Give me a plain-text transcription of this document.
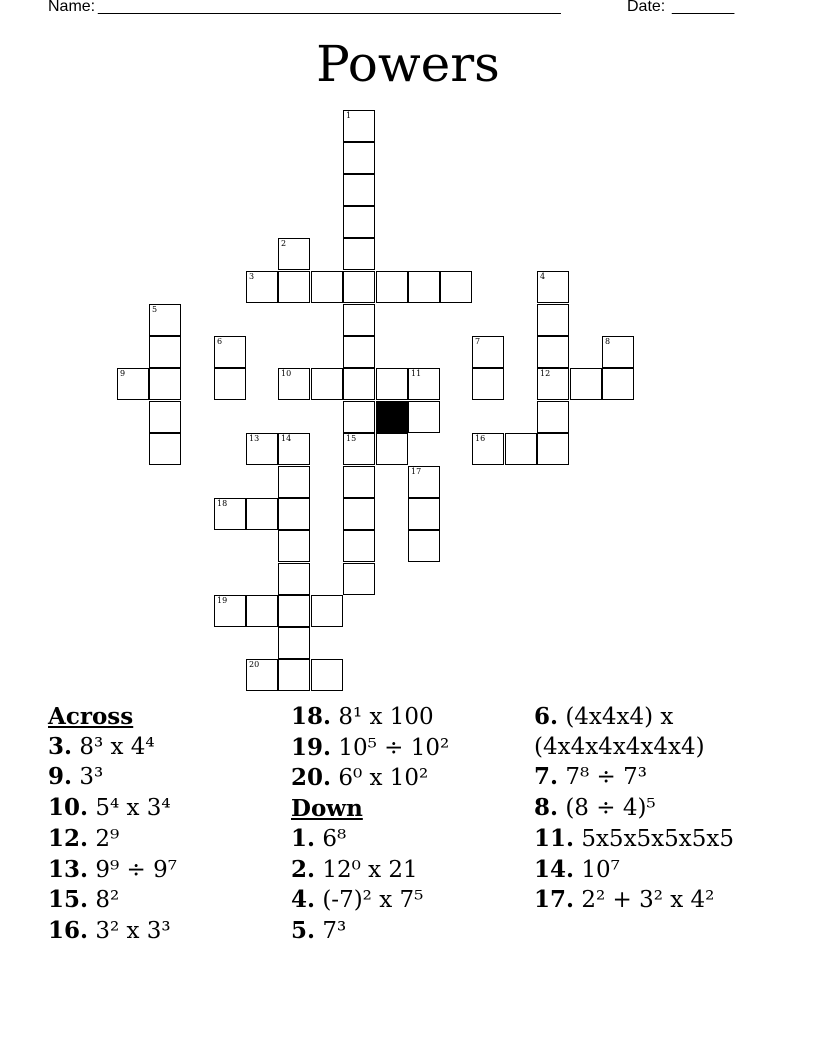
Name: ____________________________________________________	Date: _______
Powers
1
2
3
10	11
5
9
6
4
12
8
7
16
13	14	15
17
18
19
20
Across
3. 8³ x 4⁴
9. 3³
10. 5⁴ x 3⁴
12. 2⁹
13. 9⁹ ÷ 9⁷
15. 8²
16. 3² x 3³
18. 8¹ x 100
19. 10⁵ ÷ 10²
20. 6⁰ x 10²
Down
1. 6⁸
2. 12⁰ x 21
4. (-7)² x 7⁵
5. 7³
6. (4x4x4) x (4x4x4x4x4x4)
7. 7⁸ ÷ 7³
8. (8 ÷ 4)⁵
11. 5x5x5x5x5x5
14. 10⁷
17. 2² + 3² x 4²
